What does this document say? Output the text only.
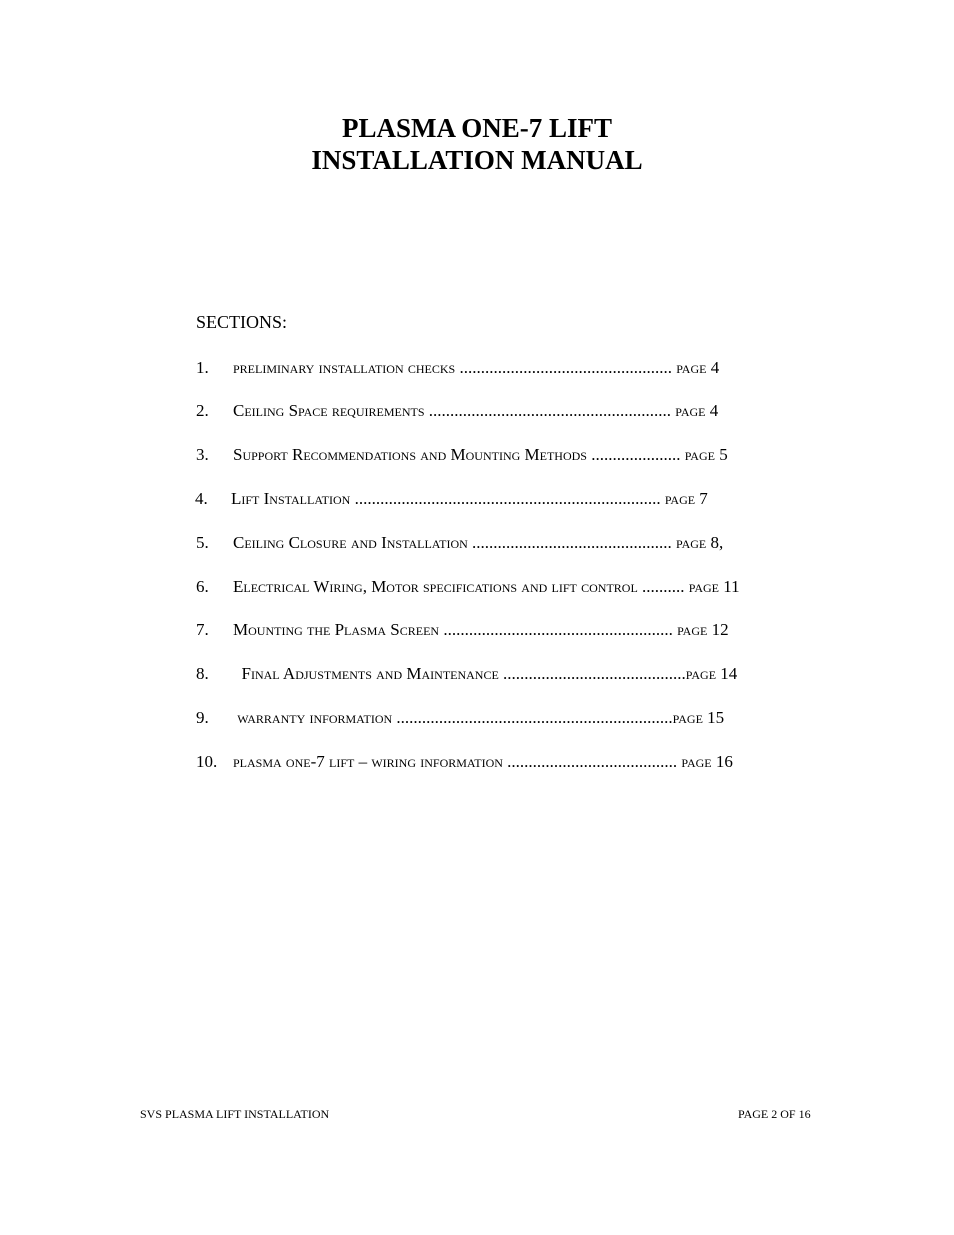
PLASMA ONE-7 LIFT
INSTALLATION MANUAL
SECTIONS:
1. preliminary installation checks .................................................. page 4
2. Ceiling Space requirements ......................................................... page 4
3. Support Recommendations and Mounting Methods ..................... page 5
4. Lift Installation ........................................................................ page 7
5. Ceiling Closure and Installation ............................................... page 8,
6. Electrical Wiring, Motor specifications and lift control .......... page 11
7. Mounting the Plasma Screen ...................................................... page 12
8. Final Adjustments and Maintenance ...........................................page 14
9. warranty information .................................................................page 15
10. plasma one-7 lift – wiring information ........................................ page 16
SVS PLASMA LIFT INSTALLATION	PAGE 2 OF 16
